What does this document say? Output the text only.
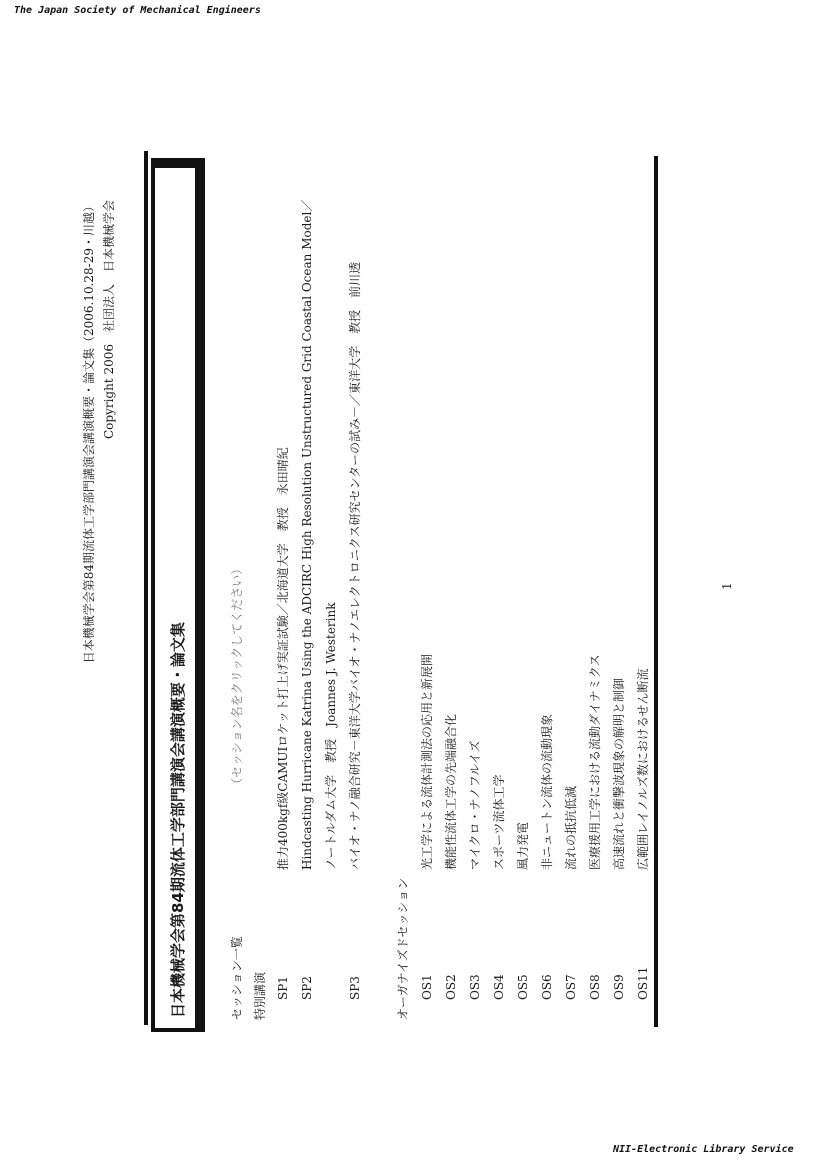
The Japan Society of Mechanical Engineers
日本機械学会第84期流体工学部門講演会講演概要・論文集（2006.10.28-29・川越） Copyright 2006　社団法人　日本機械学会
日本機械学会第84期流体工学部門講演会講演概要・論文集	セッション一覧
（セッション名をクリックしてください）
特別講演 SP1
推力400kgf級CAMUIロケット打上げ実証試験／北海道大学　教授　永田晴紀
SP2
Hindcasting Hurricane Katrina Using the ADCIRC High Resolution Unstructured Grid Coastal Ocean Model／ ノートルダム大学　教授　Joannes J. Westerink
SP3
バイオ・ナノ融合研究－東洋大学バイオ・ナノエレクトロニクス研究センターの試み－／東洋大学　教授　前川透
オーガナイズドセッション OS1
光工学による流体計測法の応用と新展開
OS2
機能性流体工学の先端融合化
OS3
マイクロ・ナノフルイズ
OS4
スポーツ流体工学
OS5
風力発電
OS6
非ニュートン流体の流動現象
OS7
流れの抵抗低減
OS8
医療援用工学における流動ダイナミクス
OS9
高速流れと衝撃波現象の解明と制御
OS11
広範囲レイノルズ数におけるせん断流
1
NII-Electronic Library Service
